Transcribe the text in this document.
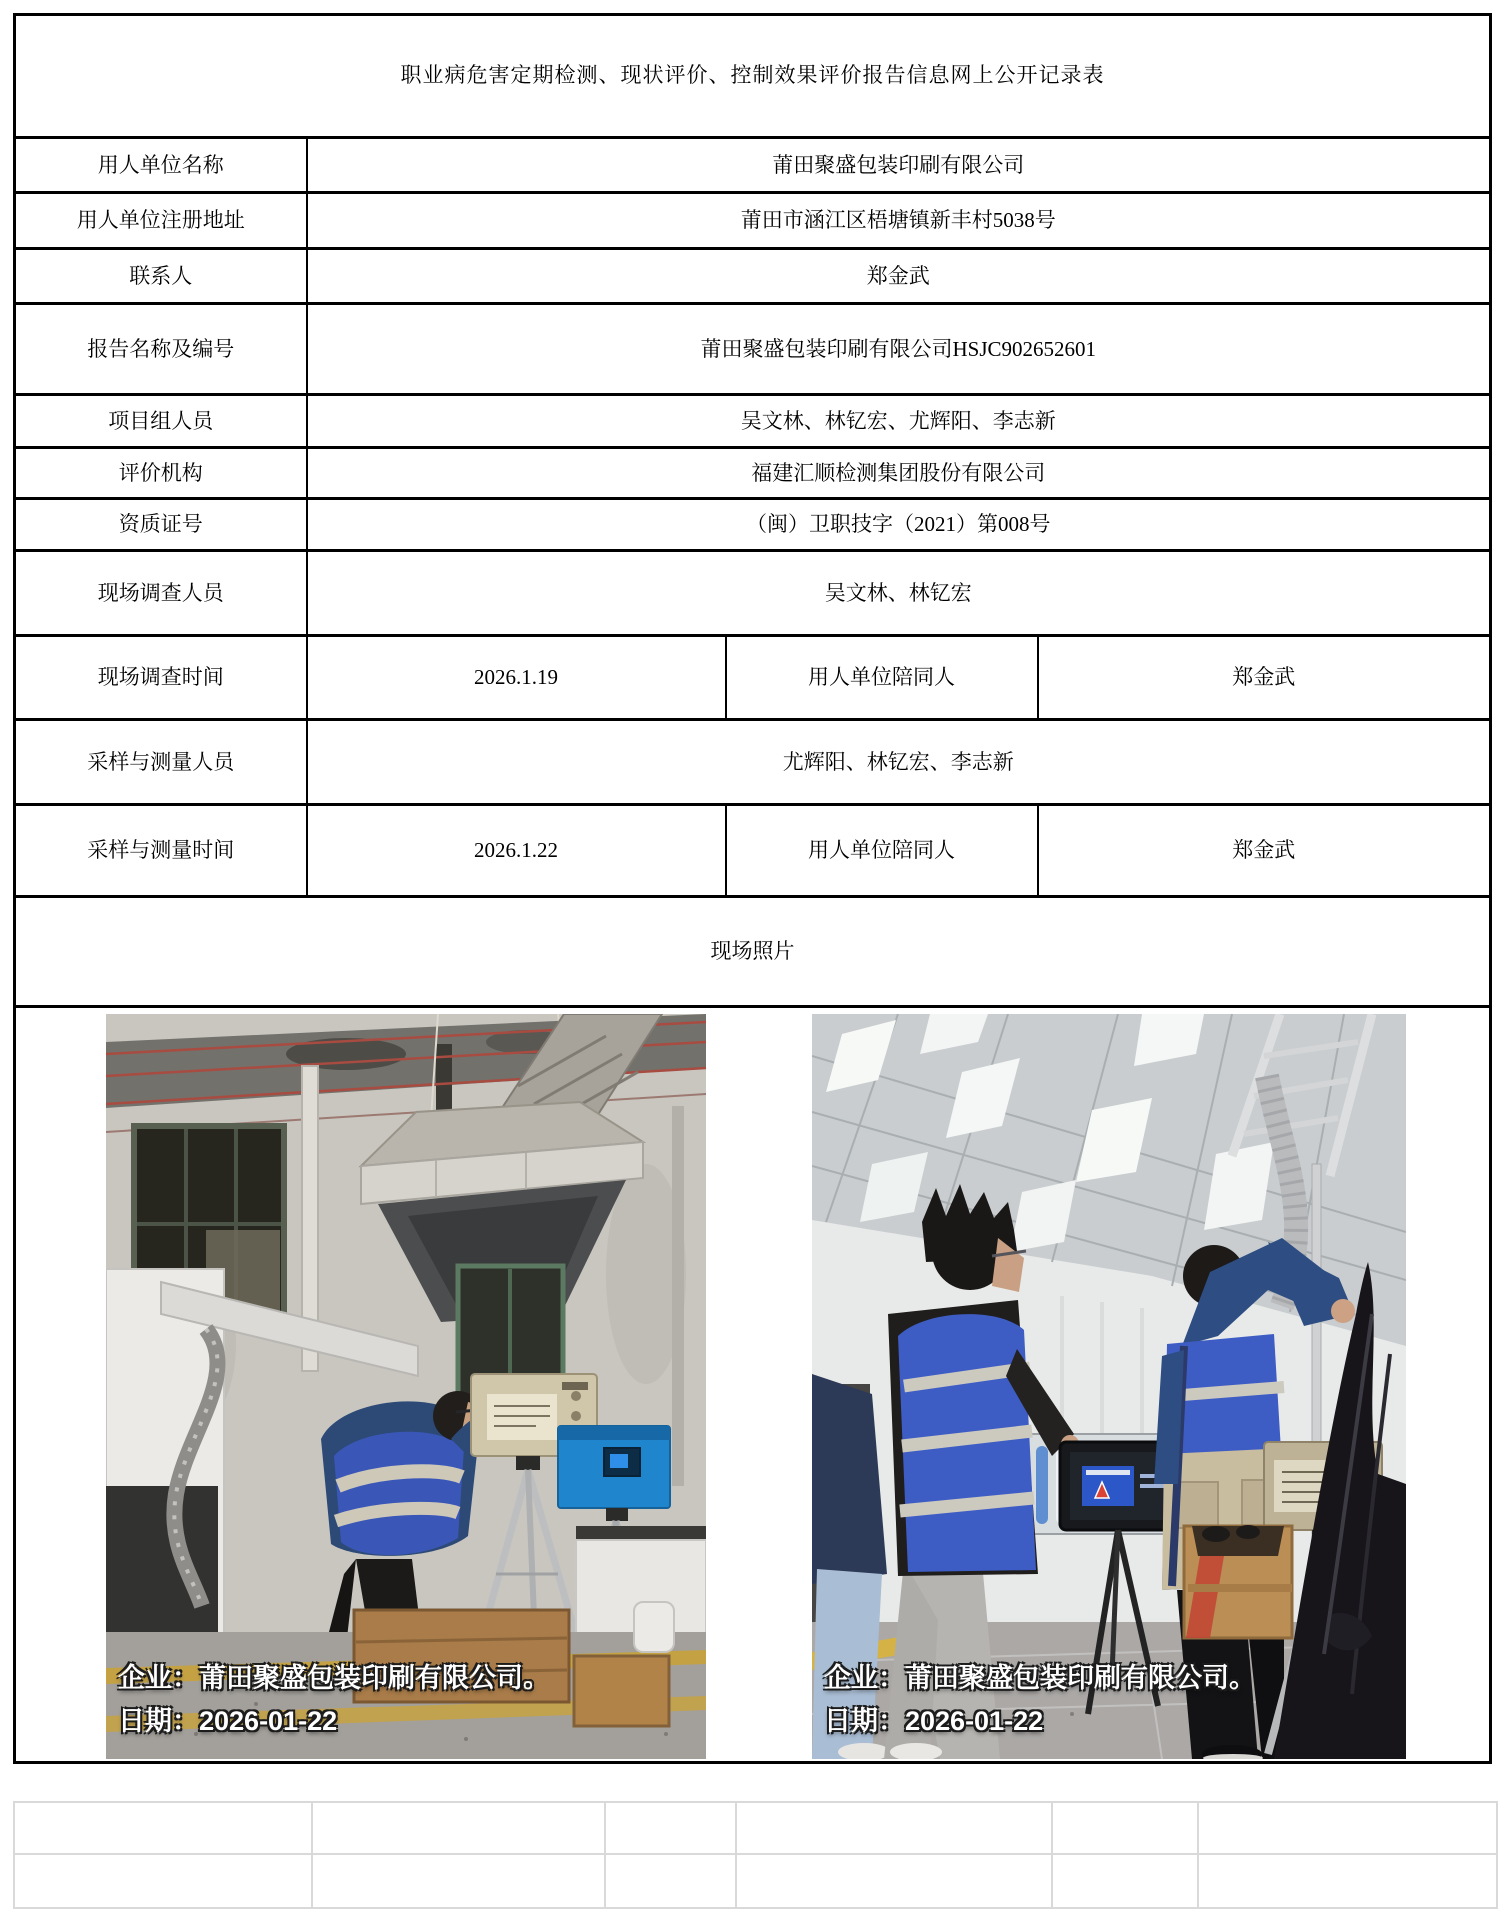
职业病危害定期检测、现状评价、控制效果评价报告信息网上公开记录表			
用人单位名称	莆田聚盛包装印刷有限公司		
用人单位注册地址	莆田市涵江区梧塘镇新丰村5038号		
联系人	郑金武		
报告名称及编号	莆田聚盛包装印刷有限公司HSJC902652601		
项目组人员	吴文林、林钇宏、尤辉阳、李志新		
评价机构	福建汇顺检测集团股份有限公司		
资质证号	（闽）卫职技字（2021）第008号		
现场调查人员	吴文林、林钇宏		
现场调查时间	2026.1.19	用人单位陪同人	郑金武
采样与测量人员	尤辉阳、林钇宏、李志新		
采样与测量时间	2026.1.22	用人单位陪同人	郑金武
现场照片			

企业：莆田聚盛包装印刷有限公司。
日期：2026-01-22
企业：莆田聚盛包装印刷有限公司。
日期：2026-01-22			
